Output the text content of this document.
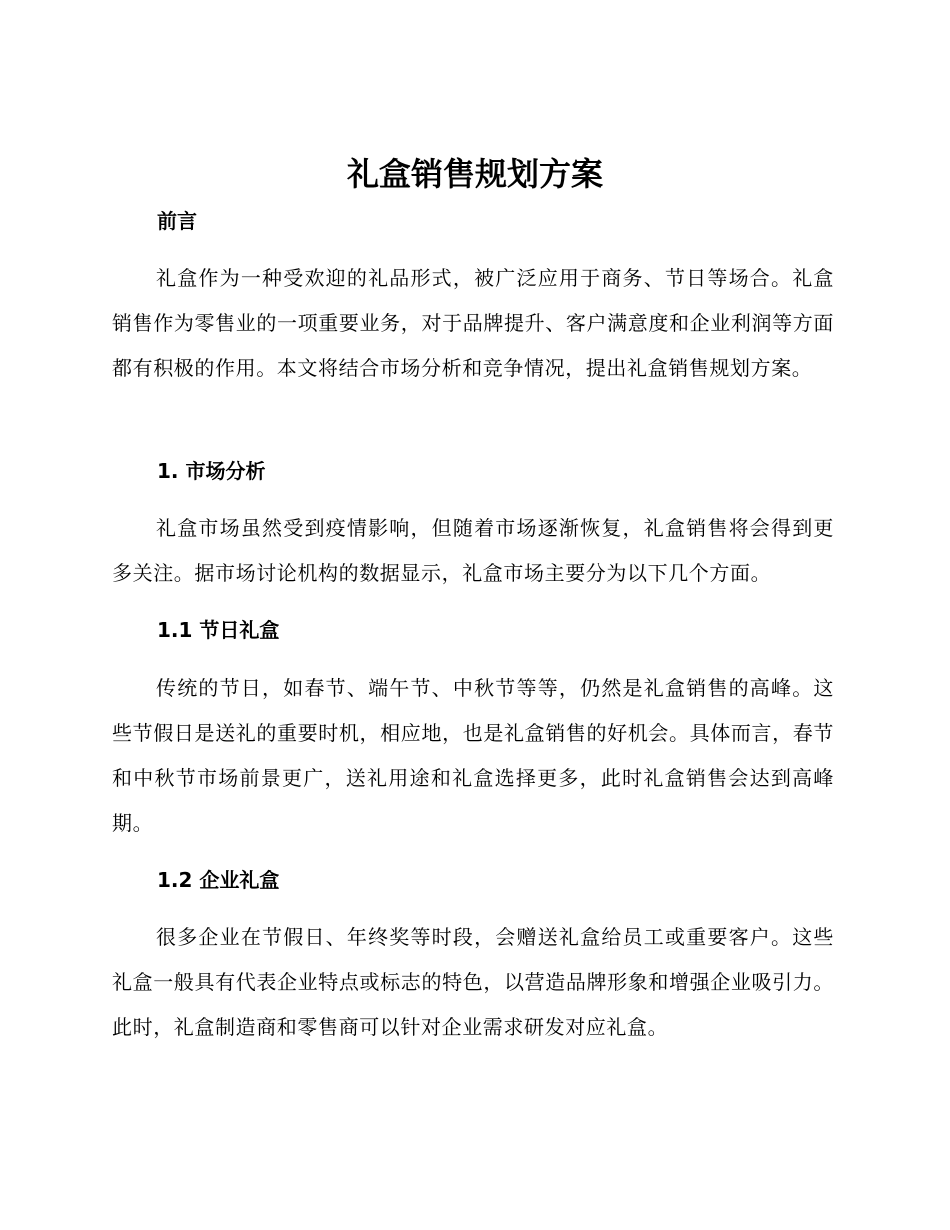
礼盒销售规划方案
前言
礼盒作为一种受欢迎的礼品形式，被广泛应用于商务、节日等场合。礼盒销售作为零售业的一项重要业务，对于品牌提升、客户满意度和企业利润等方面都有积极的作用。本文将结合市场分析和竞争情况，提出礼盒销售规划方案。
1. 市场分析
礼盒市场虽然受到疫情影响，但随着市场逐渐恢复，礼盒销售将会得到更多关注。据市场讨论机构的数据显示，礼盒市场主要分为以下几个方面。
1.1 节日礼盒
传统的节日，如春节、端午节、中秋节等等，仍然是礼盒销售的高峰。这些节假日是送礼的重要时机，相应地，也是礼盒销售的好机会。具体而言，春节和中秋节市场前景更广，送礼用途和礼盒选择更多，此时礼盒销售会达到高峰期。
1.2 企业礼盒
很多企业在节假日、年终奖等时段，会赠送礼盒给员工或重要客户。这些礼盒一般具有代表企业特点或标志的特色，以营造品牌形象和增强企业吸引力。此时，礼盒制造商和零售商可以针对企业需求研发对应礼盒。
